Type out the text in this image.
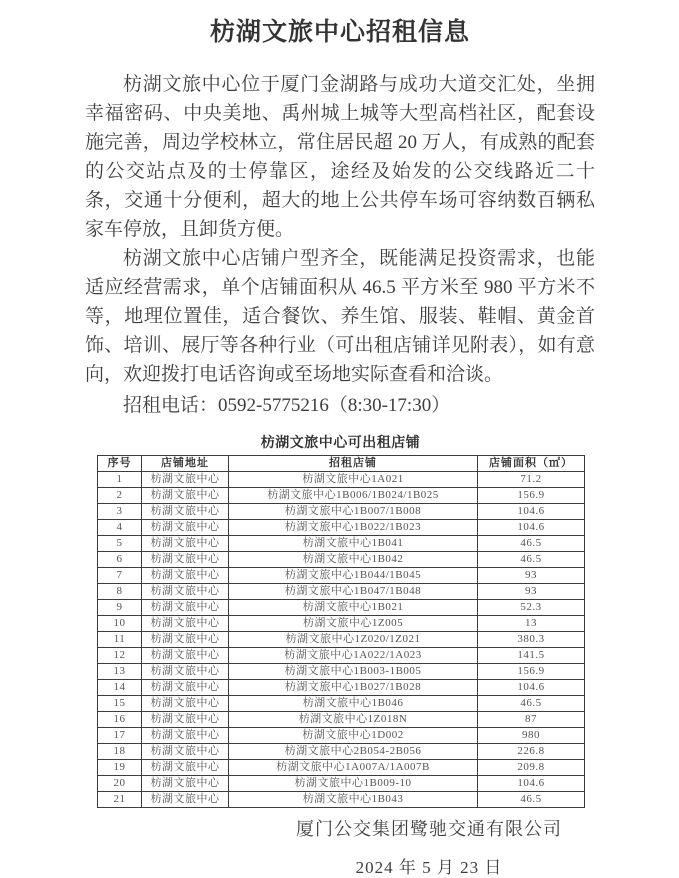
枋湖文旅中心招租信息

枋湖文旅中心位于厦门金湖路与成功大道交汇处，坐拥幸福密码、中央美地、禹州城上城等大型高档社区，配套设施完善，周边学校林立，常住居民超 20 万人，有成熟的配套的公交站点及的士停靠区，途经及始发的公交线路近二十条，交通十分便利，超大的地上公共停车场可容纳数百辆私家车停放，且卸货方便。

枋湖文旅中心店铺户型齐全，既能满足投资需求，也能适应经营需求，单个店铺面积从 46.5 平方米至 980 平方米不等，地理位置佳，适合餐饮、养生馆、服装、鞋帽、黄金首饰、培训、展厅等各种行业（可出租店铺详见附表），如有意向，欢迎拨打电话咨询或至场地实际查看和洽谈。

招租电话：0592-5775216（8:30-17:30）

枋湖文旅中心可出租店铺
序号	店铺地址	招租店铺	店铺面积（㎡）
1	枋湖文旅中心	枋湖文旅中心1A021	71.2
2	枋湖文旅中心	枋湖文旅中心1B006/1B024/1B025	156.9
3	枋湖文旅中心	枋湖文旅中心1B007/1B008	104.6
4	枋湖文旅中心	枋湖文旅中心1B022/1B023	104.6
5	枋湖文旅中心	枋湖文旅中心1B041	46.5
6	枋湖文旅中心	枋湖文旅中心1B042	46.5
7	枋湖文旅中心	枋湖文旅中心1B044/1B045	93
8	枋湖文旅中心	枋湖文旅中心1B047/1B048	93
9	枋湖文旅中心	枋湖文旅中心1B021	52.3
10	枋湖文旅中心	枋湖文旅中心1Z005	13
11	枋湖文旅中心	枋湖文旅中心1Z020/1Z021	380.3
12	枋湖文旅中心	枋湖文旅中心1A022/1A023	141.5
13	枋湖文旅中心	枋湖文旅中心1B003-1B005	156.9
14	枋湖文旅中心	枋湖文旅中心1B027/1B028	104.6
15	枋湖文旅中心	枋湖文旅中心1B046	46.5
16	枋湖文旅中心	枋湖文旅中心1Z018N	87
17	枋湖文旅中心	枋湖文旅中心1D002	980
18	枋湖文旅中心	枋湖文旅中心2B054-2B056	226.8
19	枋湖文旅中心	枋湖文旅中心1A007A/1A007B	209.8
20	枋湖文旅中心	枋湖文旅中心1B009-10	104.6
21	枋湖文旅中心	枋湖文旅中心1B043	46.5
厦门公交集团鹭驰交通有限公司
2024 年 5 月 23 日
